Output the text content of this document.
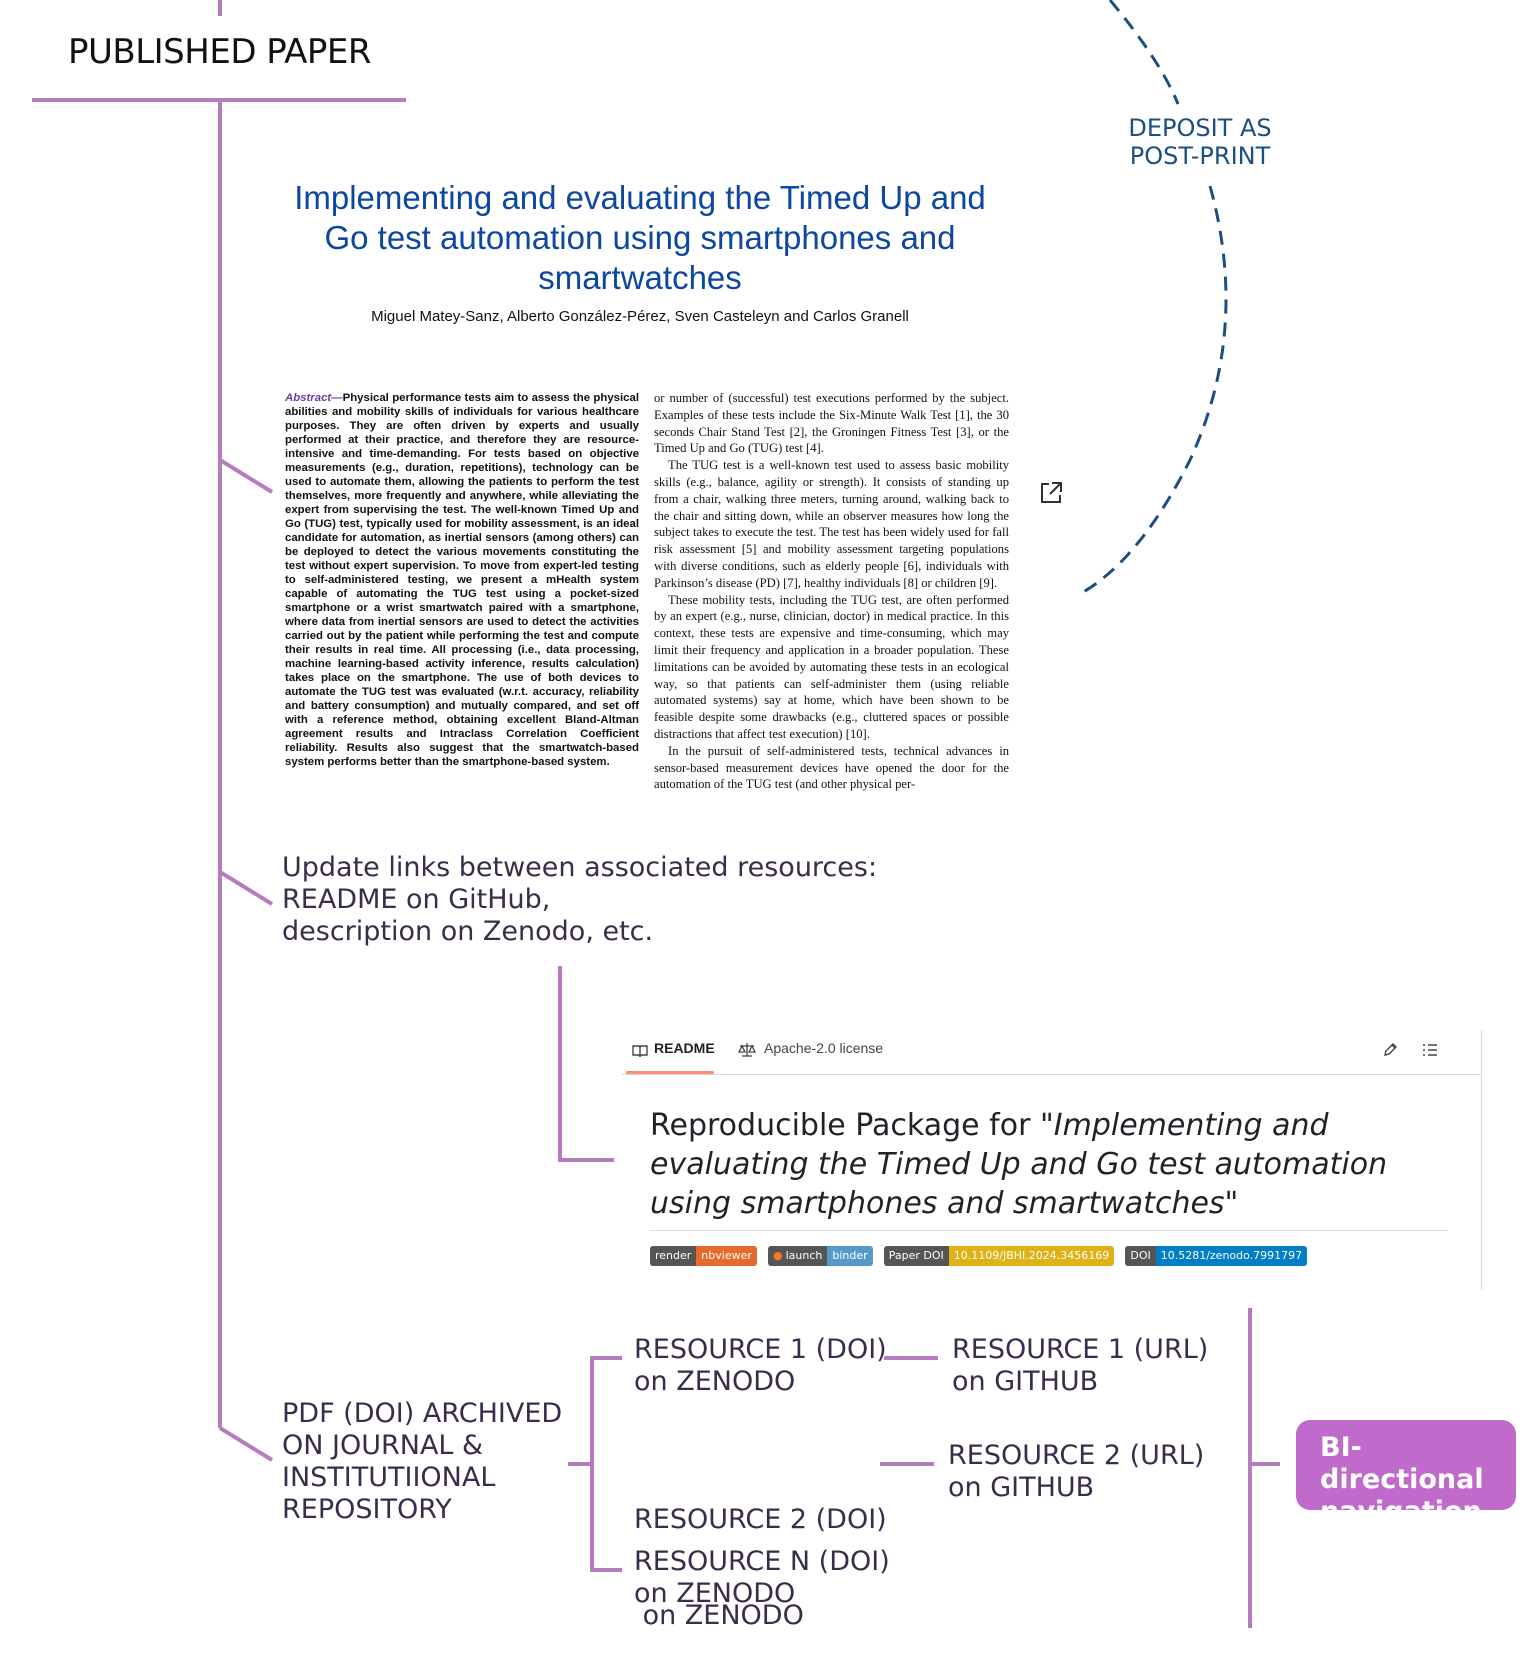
PUBLISHED PAPER
DEPOSIT AS
POST-PRINT
Implementing and evaluating the Timed Up and Go test automation using smartphones and smartwatches
Miguel Matey-Sanz, Alberto González-Pérez, Sven Casteleyn and Carlos Granell
Abstract—Physical performance tests aim to assess the physical abilities and mobility skills of individuals for various healthcare purposes. They are often driven by experts and usually performed at their practice, and therefore they are resource-intensive and time-demanding. For tests based on objective measurements (e.g., duration, repetitions), technology can be used to automate them, allowing the patients to perform the test themselves, more frequently and anywhere, while alleviating the expert from supervising the test. The well-known Timed Up and Go (TUG) test, typically used for mobility assessment, is an ideal candidate for automation, as inertial sensors (among others) can be deployed to detect the various movements constituting the test without expert supervision. To move from expert-led testing to self-administered testing, we present a mHealth system capable of automating the TUG test using a pocket-sized smartphone or a wrist smartwatch paired with a smartphone, where data from inertial sensors are used to detect the activities carried out by the patient while performing the test and compute their results in real time. All processing (i.e., data processing, machine learning-based activity inference, results calculation) takes place on the smartphone. The use of both devices to automate the TUG test was evaluated (w.r.t. accuracy, reliability and battery consumption) and mutually compared, and set off with a reference method, obtaining excellent Bland-Altman agreement results and Intraclass Correlation Coefficient reliability. Results also suggest that the smartwatch-based system performs better than the smartphone-based system.

or number of (successful) test executions performed by the subject. Examples of these tests include the Six-Minute Walk Test [1], the 30 seconds Chair Stand Test [2], the Groningen Fitness Test [3], or the Timed Up and Go (TUG) test [4].

The TUG test is a well-known test used to assess basic mobility skills (e.g., balance, agility or strength). It consists of standing up from a chair, walking three meters, turning around, walking back to the chair and sitting down, while an observer measures how long the subject takes to execute the test. The test has been widely used for fall risk assessment [5] and mobility assessment targeting populations with diverse conditions, such as elderly people [6], individuals with Parkinson’s disease (PD) [7], healthy individuals [8] or children [9].

These mobility tests, including the TUG test, are often performed by an expert (e.g., nurse, clinician, doctor) in medical practice. In this context, these tests are expensive and time-consuming, which may limit their frequency and application in a broader population. These limitations can be avoided by automating these tests in an ecological way, so that patients can self-administer them (using reliable automated systems) say at home, which have been shown to be feasible despite some drawbacks (e.g., cluttered spaces or possible distractions that affect test execution) [10].

In the pursuit of self-administered tests, technical advances in sensor-based measurement devices have opened the door for the automation of the TUG test (and other physical per-

Update links between associated resources:
README on GitHub,
description on Zenodo, etc.
README	Apache-2.0 license
Reproducible Package for "Implementing and evaluating the Timed Up and Go test automation using smartphones and smartwatches"
render nbviewer ● launch binder Paper DOI 10.1109/JBHI.2024.3456169 DOI 10.5281/zenodo.7991797
PDF (DOI) ARCHIVED
ON JOURNAL &
INSTITUTIIONAL
REPOSITORY
RESOURCE 1 (DOI)
on ZENODO
RESOURCE 1 (URL)
on GITHUB

RESOURCE 2 (DOI)

on ZENODO

RESOURCE 2 (URL)
on GITHUB
RESOURCE N (DOI)
on ZENODO
BI-directional
navigation
